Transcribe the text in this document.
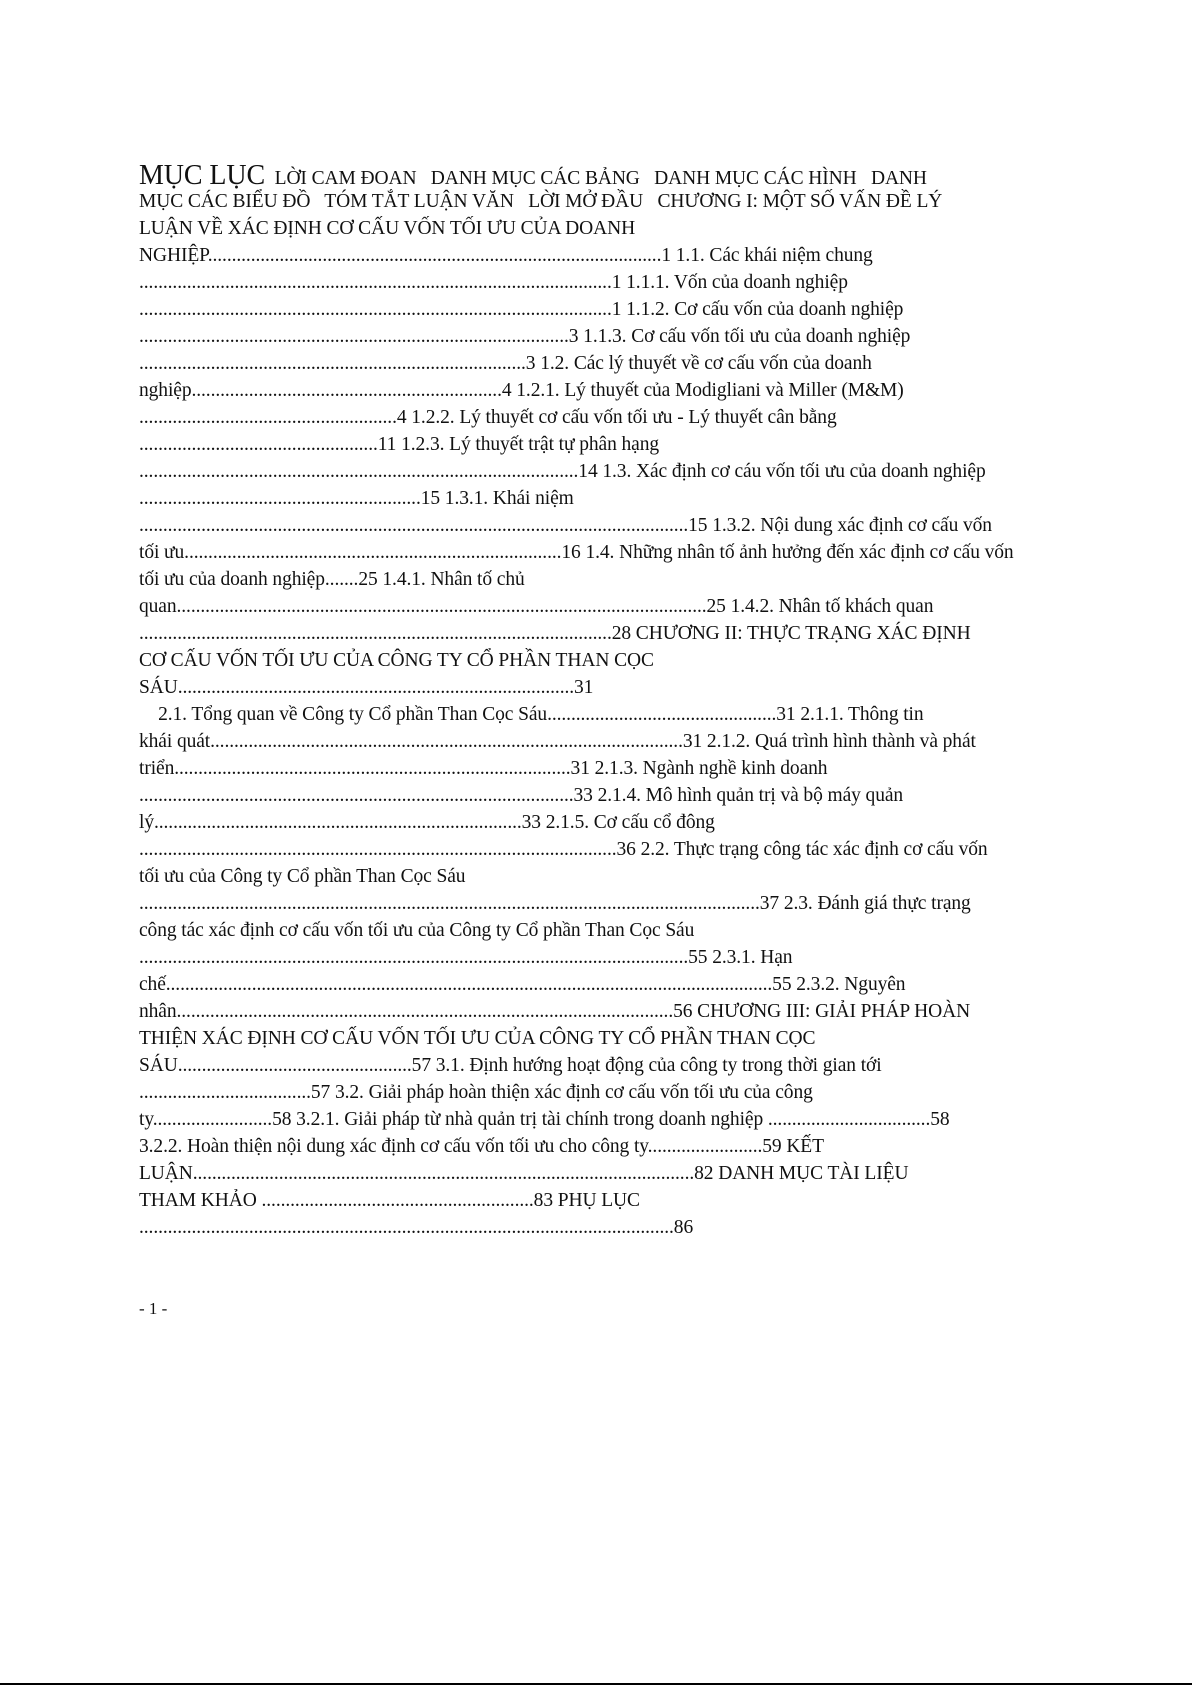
MỤC LỤC  LỜI CAM ĐOAN   DANH MỤC CÁC BẢNG   DANH MỤC CÁC HÌNH   DANH
MỤC CÁC BIỂU ĐỒ   TÓM TẮT LUẬN VĂN   LỜI MỞ ĐẦU   CHƯƠNG I: MỘT SỐ VẤN ĐỀ LÝ
LUẬN VỀ XÁC ĐỊNH CƠ CẤU VỐN TỐI ƯU CỦA DOANH
NGHIỆP...............................................................................................1 1.1. Các khái niệm chung
...................................................................................................1 1.1.1. Vốn của doanh nghiệp
...................................................................................................1 1.1.2. Cơ cấu vốn của doanh nghiệp
..........................................................................................3 1.1.3. Cơ cấu vốn tối ưu của doanh nghiệp
.................................................................................3 1.2. Các lý thuyết về cơ cấu vốn của doanh
nghiệp.................................................................4 1.2.1. Lý thuyết của Modigliani và Miller (M&M)
......................................................4 1.2.2. Lý thuyết cơ cấu vốn tối ưu - Lý thuyết cân bằng
..................................................11 1.2.3. Lý thuyết trật tự phân hạng
............................................................................................14 1.3. Xác định cơ cáu vốn tối ưu của doanh nghiệp
...........................................................15 1.3.1. Khái niệm
...................................................................................................................15 1.3.2. Nội dung xác định cơ cấu vốn
tối ưu...............................................................................16 1.4. Những nhân tố ảnh hưởng đến xác định cơ cấu vốn
tối ưu của doanh nghiệp.......25 1.4.1. Nhân tố chủ
quan...............................................................................................................25 1.4.2. Nhân tố khách quan
...................................................................................................28 CHƯƠNG II: THỰC TRẠNG XÁC ĐỊNH
CƠ CẤU VỐN TỐI ƯU CỦA CÔNG TY CỔ PHẦN THAN CỌC
SÁU...................................................................................31
2.1. Tổng quan về Công ty Cổ phần Than Cọc Sáu................................................31 2.1.1. Thông tin
khái quát...................................................................................................31 2.1.2. Quá trình hình thành và phát
triển...................................................................................31 2.1.3. Ngành nghề kinh doanh
...........................................................................................33 2.1.4. Mô hình quản trị và bộ máy quản
lý.............................................................................33 2.1.5. Cơ cấu cổ đông
....................................................................................................36 2.2. Thực trạng công tác xác định cơ cấu vốn
tối ưu của Công ty Cổ phần Than Cọc Sáu
..................................................................................................................................37 2.3. Đánh giá thực trạng
công tác xác định cơ cấu vốn tối ưu của Công ty Cổ phần Than Cọc Sáu
...................................................................................................................55 2.3.1. Hạn
chế...............................................................................................................................55 2.3.2. Nguyên
nhân........................................................................................................56 CHƯƠNG III: GIẢI PHÁP HOÀN
THIỆN XÁC ĐỊNH CƠ CẤU VỐN TỐI ƯU CỦA CÔNG TY CỔ PHẦN THAN CỌC
SÁU.................................................57 3.1. Định hướng hoạt động của công ty trong thời gian tới
....................................57 3.2. Giải pháp hoàn thiện xác định cơ cấu vốn tối ưu của công
ty.........................58 3.2.1. Giải pháp từ nhà quản trị tài chính trong doanh nghiệp ..................................58
3.2.2. Hoàn thiện nội dung xác định cơ cấu vốn tối ưu cho công ty........................59 KẾT
LUẬN.........................................................................................................82 DANH MỤC TÀI LIỆU
THAM KHẢO .........................................................83 PHỤ LỤC
................................................................................................................86
- 1 -
